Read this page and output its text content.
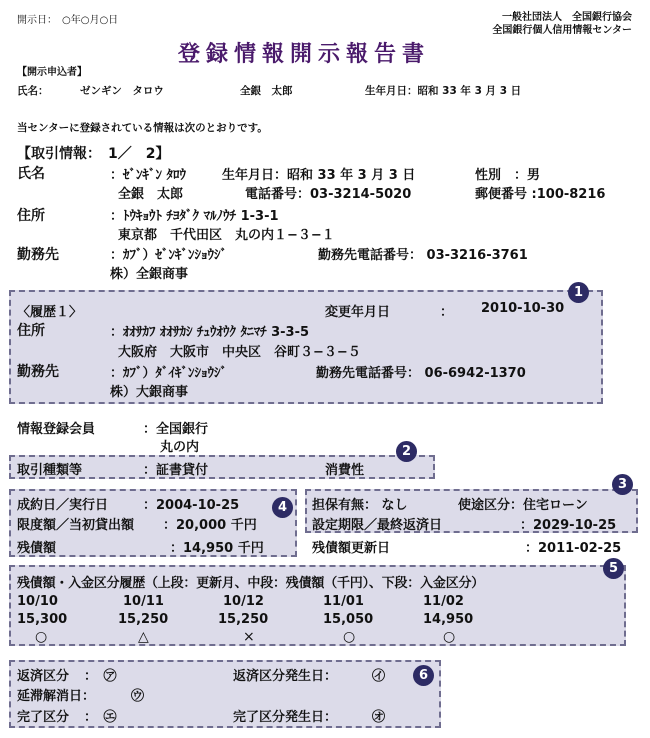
開示日：　○年○月○日	一般社団法人　全国銀行協会
全国銀行個人信用情報センター
登録情報開示報告書
【開示申込者】
氏名：	ゼンギン　タロウ	全銀　太郎	生年月日：昭和 33 年 3 月 3 日
当センターに登録されている情報は次のとおりです。
【取引情報：　1／　2】
氏名	：ｾﾞﾝｷﾞﾝ ﾀﾛｳ	生年月日：昭和 33 年 3 月 3 日	性別　：男
全銀　太郎	電話番号：03-3214-5020	郵便番号 :100-8216
住所	：ﾄｳｷｮｳﾄ ﾁﾖﾀﾞｸ ﾏﾙﾉｳﾁ 1-3-1
東京都　千代田区　丸の内１−３−１
勤務先	：ｶﾌﾞ）ｾﾞﾝｷﾞﾝｼｮｳｼﾞ	勤務先電話番号： 03-3216-3761
株）全銀商事
1
〈履歴１〉	変更年月日	： 2010-10-30
住所	：ｵｵｻｶﾌ ｵｵｻｶｼ ﾁｭｳｵｳｸ ﾀﾆﾏﾁ 3-3-5
大阪府　大阪市　中央区　谷町３−３−５
勤務先	：ｶﾌﾞ）ﾀﾞｲｷﾞﾝｼｮｳｼﾞ	勤務先電話番号： 06-6942-1370
株）大銀商事
情報登録会員	：全国銀行
丸の内	2
取引種類等	：証書貸付	消費性
4
成約日／実行日	：2004-10-25
限度額／当初貸出額 ：20,000 千円
残債額	：14,950 千円
3
担保有無： なし	使途区分：住宅ローン
設定期限／最終返済日	：2029-10-25
残債額更新日	：2011-02-25
5
残債額・入金区分履歴（上段：更新月、中段：残債額（千円）、下段：入金区分）
10/10	10/11	10/12	11/01	11/02
15,300	15,250	15,250	15,050	14,950
○	△	×	○	○
6
返済区分 ：　㋐	返済区分発生日：	㋑
延滞解消日：	㋒
完了区分 ：　㋓	完了区分発生日：	㋔
